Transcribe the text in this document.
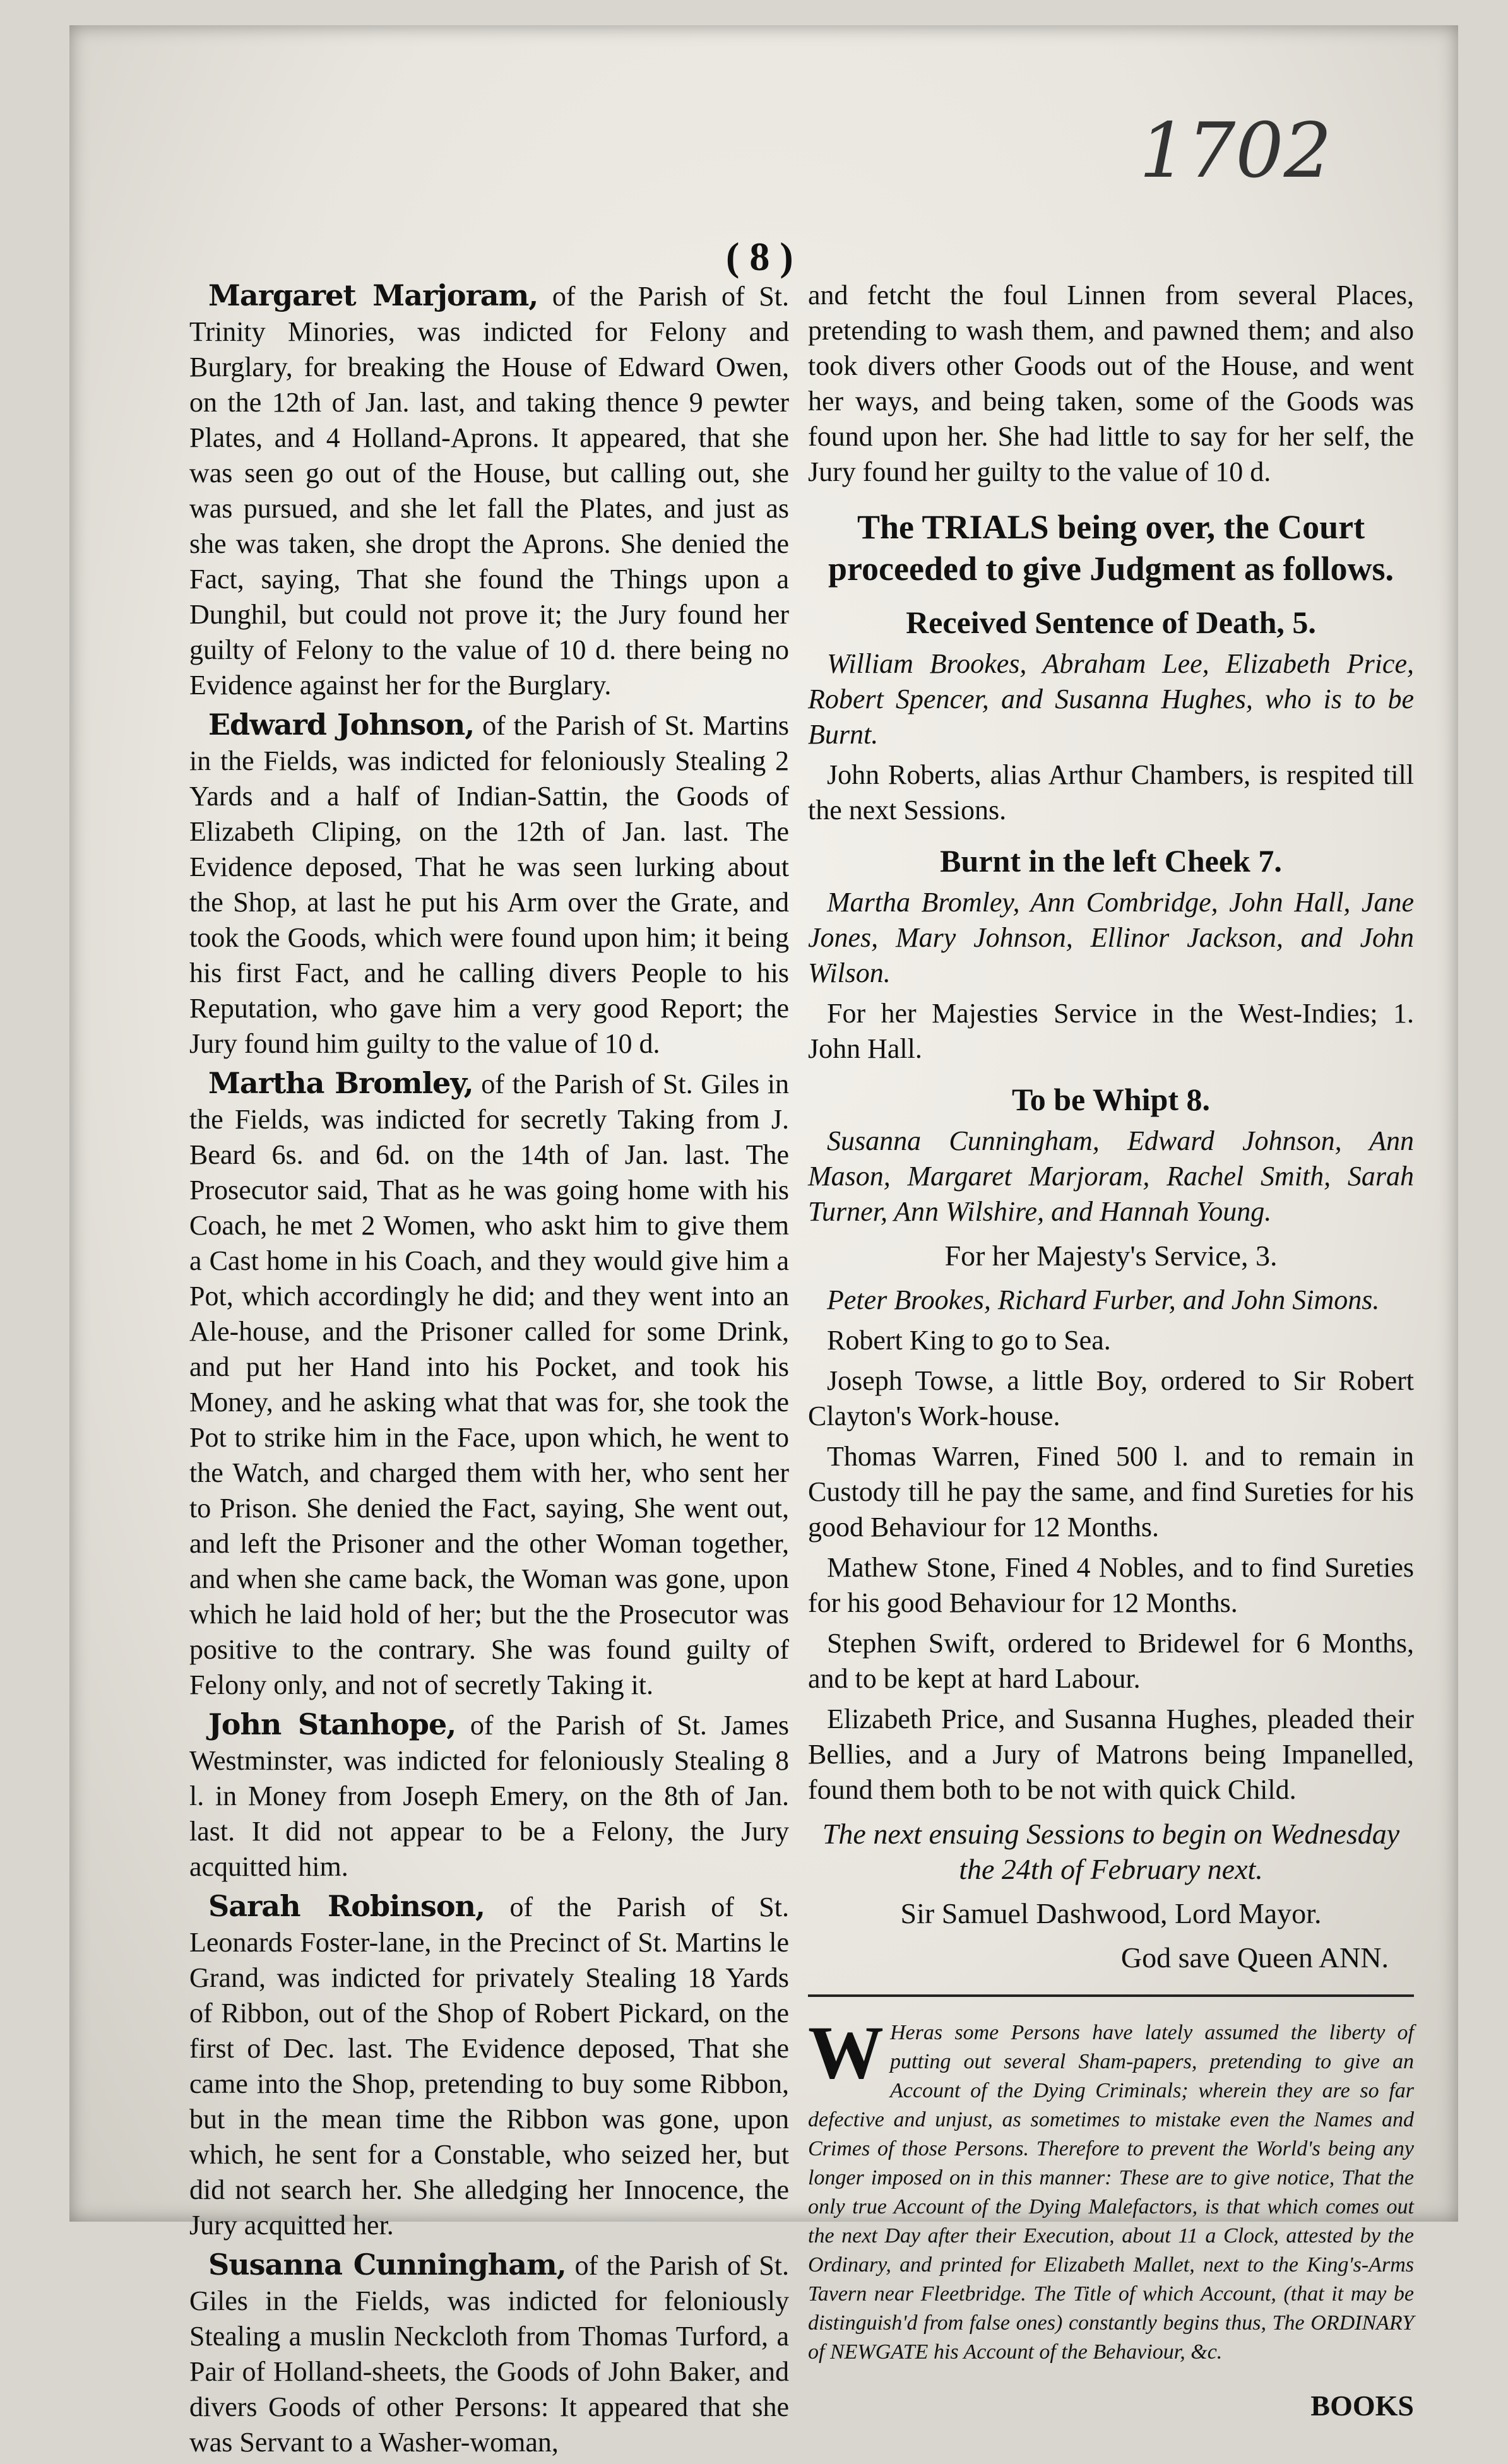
1702
( 8 )

Margaret Marjoram, of the Parish of St. Trinity Minories, was indicted for Felony and Burglary, for breaking the House of Edward Owen, on the 12th of Jan. last, and taking thence 9 pewter Plates, and 4 Holland-Aprons. It appeared, that she was seen go out of the House, but calling out, she was pursued, and she let fall the Plates, and just as she was taken, she dropt the Aprons. She denied the Fact, saying, That she found the Things upon a Dunghil, but could not prove it; the Jury found her guilty of Felony to the value of 10 d. there being no Evidence against her for the Burglary.

Edward Johnson, of the Parish of St. Martins in the Fields, was indicted for feloniously Stealing 2 Yards and a half of Indian-Sattin, the Goods of Elizabeth Cliping, on the 12th of Jan. last. The Evidence deposed, That he was seen lurking about the Shop, at last he put his Arm over the Grate, and took the Goods, which were found upon him; it being his first Fact, and he calling divers People to his Reputation, who gave him a very good Report; the Jury found him guilty to the value of 10 d.

Martha Bromley, of the Parish of St. Giles in the Fields, was indicted for secretly Taking from J. Beard 6s. and 6d. on the 14th of Jan. last. The Prosecutor said, That as he was going home with his Coach, he met 2 Women, who askt him to give them a Cast home in his Coach, and they would give him a Pot, which accordingly he did; and they went into an Ale-house, and the Prisoner called for some Drink, and put her Hand into his Pocket, and took his Money, and he asking what that was for, she took the Pot to strike him in the Face, upon which, he went to the Watch, and charged them with her, who sent her to Prison. She denied the Fact, saying, She went out, and left the Prisoner and the other Woman together, and when she came back, the Woman was gone, upon which he laid hold of her; but the the Prosecutor was positive to the contrary. She was found guilty of Felony only, and not of secretly Taking it.

John Stanhope, of the Parish of St. James Westminster, was indicted for feloniously Stealing 8 l. in Money from Joseph Emery, on the 8th of Jan. last. It did not appear to be a Felony, the Jury acquitted him.

Sarah Robinson, of the Parish of St. Leonards Foster-lane, in the Precinct of St. Martins le Grand, was indicted for privately Stealing 18 Yards of Ribbon, out of the Shop of Robert Pickard, on the first of Dec. last. The Evidence deposed, That she came into the Shop, pretending to buy some Ribbon, but in the mean time the Ribbon was gone, upon which, he sent for a Constable, who seized her, but did not search her. She alledging her Innocence, the Jury acquitted her.

Susanna Cunningham, of the Parish of St. Giles in the Fields, was indicted for feloniously Stealing a muslin Neckcloth from Thomas Turford, a Pair of Holland-sheets, the Goods of John Baker, and divers Goods of other Persons: It appeared that she was Servant to a Washer-woman,

and fetcht the foul Linnen from several Places, pretending to wash them, and pawned them; and also took divers other Goods out of the House, and went her ways, and being taken, some of the Goods was found upon her. She had little to say for her self, the Jury found her guilty to the value of 10 d.

The TRIALS being over, the Court proceeded to give Judgment as follows.
Received Sentence of Death, 5.

William Brookes, Abraham Lee, Elizabeth Price, Robert Spencer, and Susanna Hughes, who is to be Burnt.

John Roberts, alias Arthur Chambers, is respited till the next Sessions.

Burnt in the left Cheek 7.

Martha Bromley, Ann Combridge, John Hall, Jane Jones, Mary Johnson, Ellinor Jackson, and John Wilson.

For her Majesties Service in the West-Indies; 1. John Hall.

To be Whipt 8.

Susanna Cunningham, Edward Johnson, Ann Mason, Margaret Marjoram, Rachel Smith, Sarah Turner, Ann Wilshire, and Hannah Young.

For her Majesty's Service, 3.

Peter Brookes, Richard Furber, and John Simons.

Robert King to go to Sea.

Joseph Towse, a little Boy, ordered to Sir Robert Clayton's Work-house.

Thomas Warren, Fined 500 l. and to remain in Custody till he pay the same, and find Sureties for his good Behaviour for 12 Months.

Mathew Stone, Fined 4 Nobles, and to find Sureties for his good Behaviour for 12 Months.

Stephen Swift, ordered to Bridewel for 6 Months, and to be kept at hard Labour.

Elizabeth Price, and Susanna Hughes, pleaded their Bellies, and a Jury of Matrons being Impanelled, found them both to be not with quick Child.

The next ensuing Sessions to begin on Wednesday the 24th of February next.

Sir Samuel Dashwood, Lord Mayor.

God save Queen ANN.

W Heras some Persons have lately assumed the liberty of putting out several Sham-papers, pretending to give an Account of the Dying Criminals; wherein they are so far defective and unjust, as sometimes to mistake even the Names and Crimes of those Persons. Therefore to prevent the World's being any longer imposed on in this manner: These are to give notice, That the only true Account of the Dying Malefactors, is that which comes out the next Day after their Execution, about 11 a Clock, attested by the Ordinary, and printed for Elizabeth Mallet, next to the King's-Arms Tavern near Fleetbridge. The Title of which Account, (that it may be distinguish'd from false ones) constantly begins thus, The ORDINARY of NEWGATE his Account of the Behaviour, &c.

BOOKS
